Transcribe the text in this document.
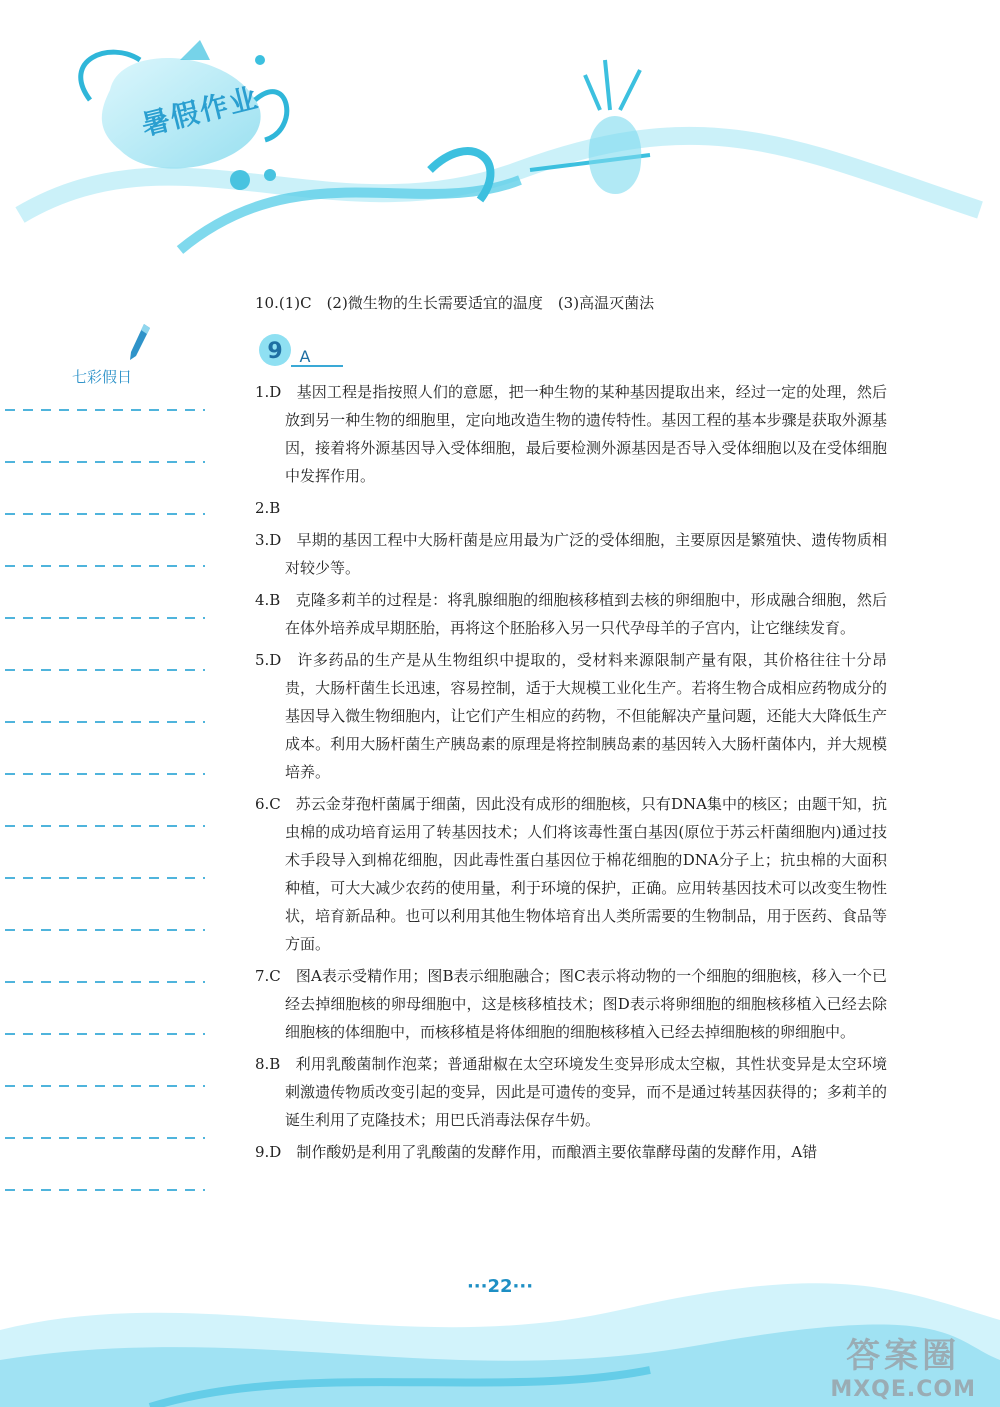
暑假作业
七彩假日
10.(1)C　(2)微生物的生长需要适宜的温度　(3)高温灭菌法
9 A
1.D　基因工程是指按照人们的意愿，把一种生物的某种基因提取出来，经过一定的处理，然后放到另一种生物的细胞里，定向地改造生物的遗传特性。基因工程的基本步骤是获取外源基因，接着将外源基因导入受体细胞，最后要检测外源基因是否导入受体细胞以及在受体细胞中发挥作用。
2.B
3.D　早期的基因工程中大肠杆菌是应用最为广泛的受体细胞，主要原因是繁殖快、遗传物质相对较少等。
4.B　克隆多莉羊的过程是：将乳腺细胞的细胞核移植到去核的卵细胞中，形成融合细胞，然后在体外培养成早期胚胎，再将这个胚胎移入另一只代孕母羊的子宫内，让它继续发育。
5.D　许多药品的生产是从生物组织中提取的，受材料来源限制产量有限，其价格往往十分昂贵，大肠杆菌生长迅速，容易控制，适于大规模工业化生产。若将生物合成相应药物成分的基因导入微生物细胞内，让它们产生相应的药物，不但能解决产量问题，还能大大降低生产成本。利用大肠杆菌生产胰岛素的原理是将控制胰岛素的基因转入大肠杆菌体内，并大规模培养。
6.C　苏云金芽孢杆菌属于细菌，因此没有成形的细胞核，只有DNA集中的核区；由题干知，抗虫棉的成功培育运用了转基因技术；人们将该毒性蛋白基因(原位于苏云杆菌细胞内)通过技术手段导入到棉花细胞，因此毒性蛋白基因位于棉花细胞的DNA分子上；抗虫棉的大面积种植，可大大减少农药的使用量，利于环境的保护，正确。应用转基因技术可以改变生物性状，培育新品种。也可以利用其他生物体培育出人类所需要的生物制品，用于医药、食品等方面。
7.C　图A表示受精作用；图B表示细胞融合；图C表示将动物的一个细胞的细胞核，移入一个已经去掉细胞核的卵母细胞中，这是核移植技术；图D表示将卵细胞的细胞核移植入已经去除细胞核的体细胞中，而核移植是将体细胞的细胞核移植入已经去掉细胞核的卵细胞中。
8.B　利用乳酸菌制作泡菜；普通甜椒在太空环境发生变异形成太空椒，其性状变异是太空环境刺激遗传物质改变引起的变异，因此是可遗传的变异，而不是通过转基因获得的；多莉羊的诞生利用了克隆技术；用巴氏消毒法保存牛奶。
9.D　制作酸奶是利用了乳酸菌的发酵作用，而酿酒主要依靠酵母菌的发酵作用，A错
···22···
答案圈
MXQE.COM
